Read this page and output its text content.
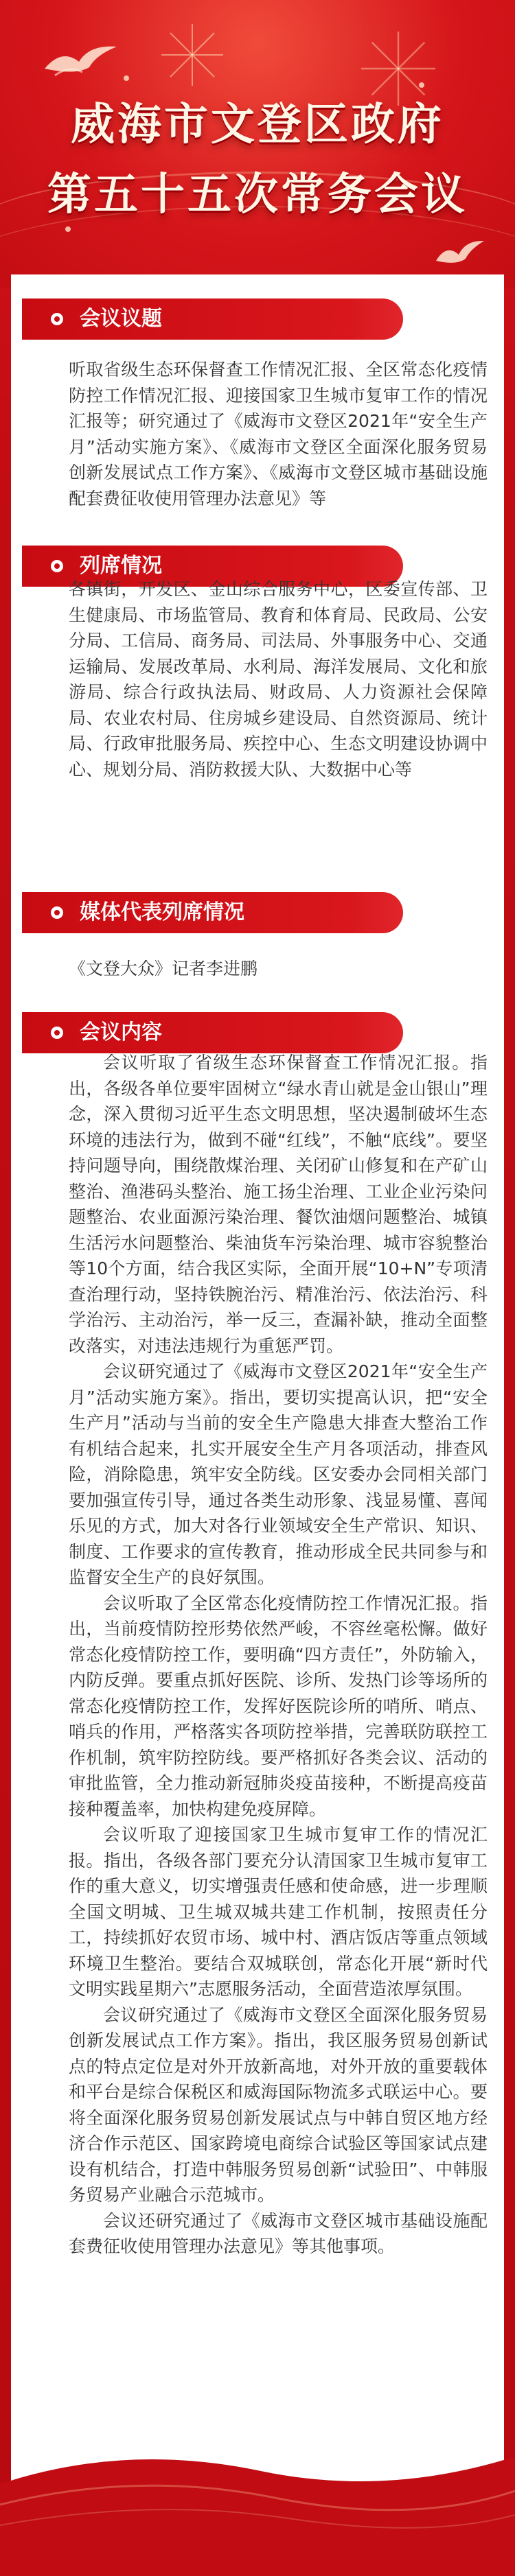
威海市文登区政府
第五十五次常务会议
会议议题

听取省级生态环保督查工作情况汇报、全区常态化疫情防控工作情况汇报、迎接国家卫生城市复审工作的情况汇报等；研究通过了《威海市文登区2021年“安全生产月”活动实施方案》、《威海市文登区全面深化服务贸易创新发展试点工作方案》、《威海市文登区城市基础设施配套费征收使用管理办法意见》等

列席情况

各镇街，开发区、金山综合服务中心，区委宣传部、卫生健康局、市场监管局、教育和体育局、民政局、公安分局、工信局、商务局、司法局、外事服务中心、交通运输局、发展改革局、水利局、海洋发展局、文化和旅游局、综合行政执法局、财政局、人力资源社会保障局、农业农村局、住房城乡建设局、自然资源局、统计局、行政审批服务局、疾控中心、生态文明建设协调中心、规划分局、消防救援大队、大数据中心等

媒体代表列席情况

《文登大众》记者李进鹏

会议内容

会议听取了省级生态环保督查工作情况汇报。指出，各级各单位要牢固树立“绿水青山就是金山银山”理念，深入贯彻习近平生态文明思想，坚决遏制破坏生态环境的违法行为，做到不碰“红线”，不触“底线”。要坚持问题导向，围绕散煤治理、关闭矿山修复和在产矿山整治、渔港码头整治、施工扬尘治理、工业企业污染问题整治、农业面源污染治理、餐饮油烟问题整治、城镇生活污水问题整治、柴油货车污染治理、城市容貌整治等10个方面，结合我区实际，全面开展“10+N”专项清查治理行动，坚持铁腕治污、精准治污、依法治污、科学治污、主动治污，举一反三，查漏补缺，推动全面整改落实，对违法违规行为重惩严罚。

会议研究通过了《威海市文登区2021年“安全生产月”活动实施方案》。指出，要切实提高认识，把“安全生产月”活动与当前的安全生产隐患大排查大整治工作有机结合起来，扎实开展安全生产月各项活动，排查风险，消除隐患，筑牢安全防线。区安委办会同相关部门要加强宣传引导，通过各类生动形象、浅显易懂、喜闻乐见的方式，加大对各行业领域安全生产常识、知识、制度、工作要求的宣传教育，推动形成全民共同参与和监督安全生产的良好氛围。

会议听取了全区常态化疫情防控工作情况汇报。指出，当前疫情防控形势依然严峻，不容丝毫松懈。做好常态化疫情防控工作，要明确“四方责任”，外防输入，内防反弹。要重点抓好医院、诊所、发热门诊等场所的常态化疫情防控工作，发挥好医院诊所的哨所、哨点、哨兵的作用，严格落实各项防控举措，完善联防联控工作机制，筑牢防控防线。要严格抓好各类会议、活动的审批监管，全力推动新冠肺炎疫苗接种，不断提高疫苗接种覆盖率，加快构建免疫屏障。

会议听取了迎接国家卫生城市复审工作的情况汇报。指出，各级各部门要充分认清国家卫生城市复审工作的重大意义，切实增强责任感和使命感，进一步理顺全国文明城、卫生城双城共建工作机制，按照责任分工，持续抓好农贸市场、城中村、酒店饭店等重点领域环境卫生整治。要结合双城联创，常态化开展“新时代文明实践星期六”志愿服务活动，全面营造浓厚氛围。

会议研究通过了《威海市文登区全面深化服务贸易创新发展试点工作方案》。指出，我区服务贸易创新试点的特点定位是对外开放新高地，对外开放的重要载体和平台是综合保税区和威海国际物流多式联运中心。要将全面深化服务贸易创新发展试点与中韩自贸区地方经济合作示范区、国家跨境电商综合试验区等国家试点建设有机结合，打造中韩服务贸易创新“试验田”、中韩服务贸易产业融合示范城市。

会议还研究通过了《威海市文登区城市基础设施配套费征收使用管理办法意见》等其他事项。
